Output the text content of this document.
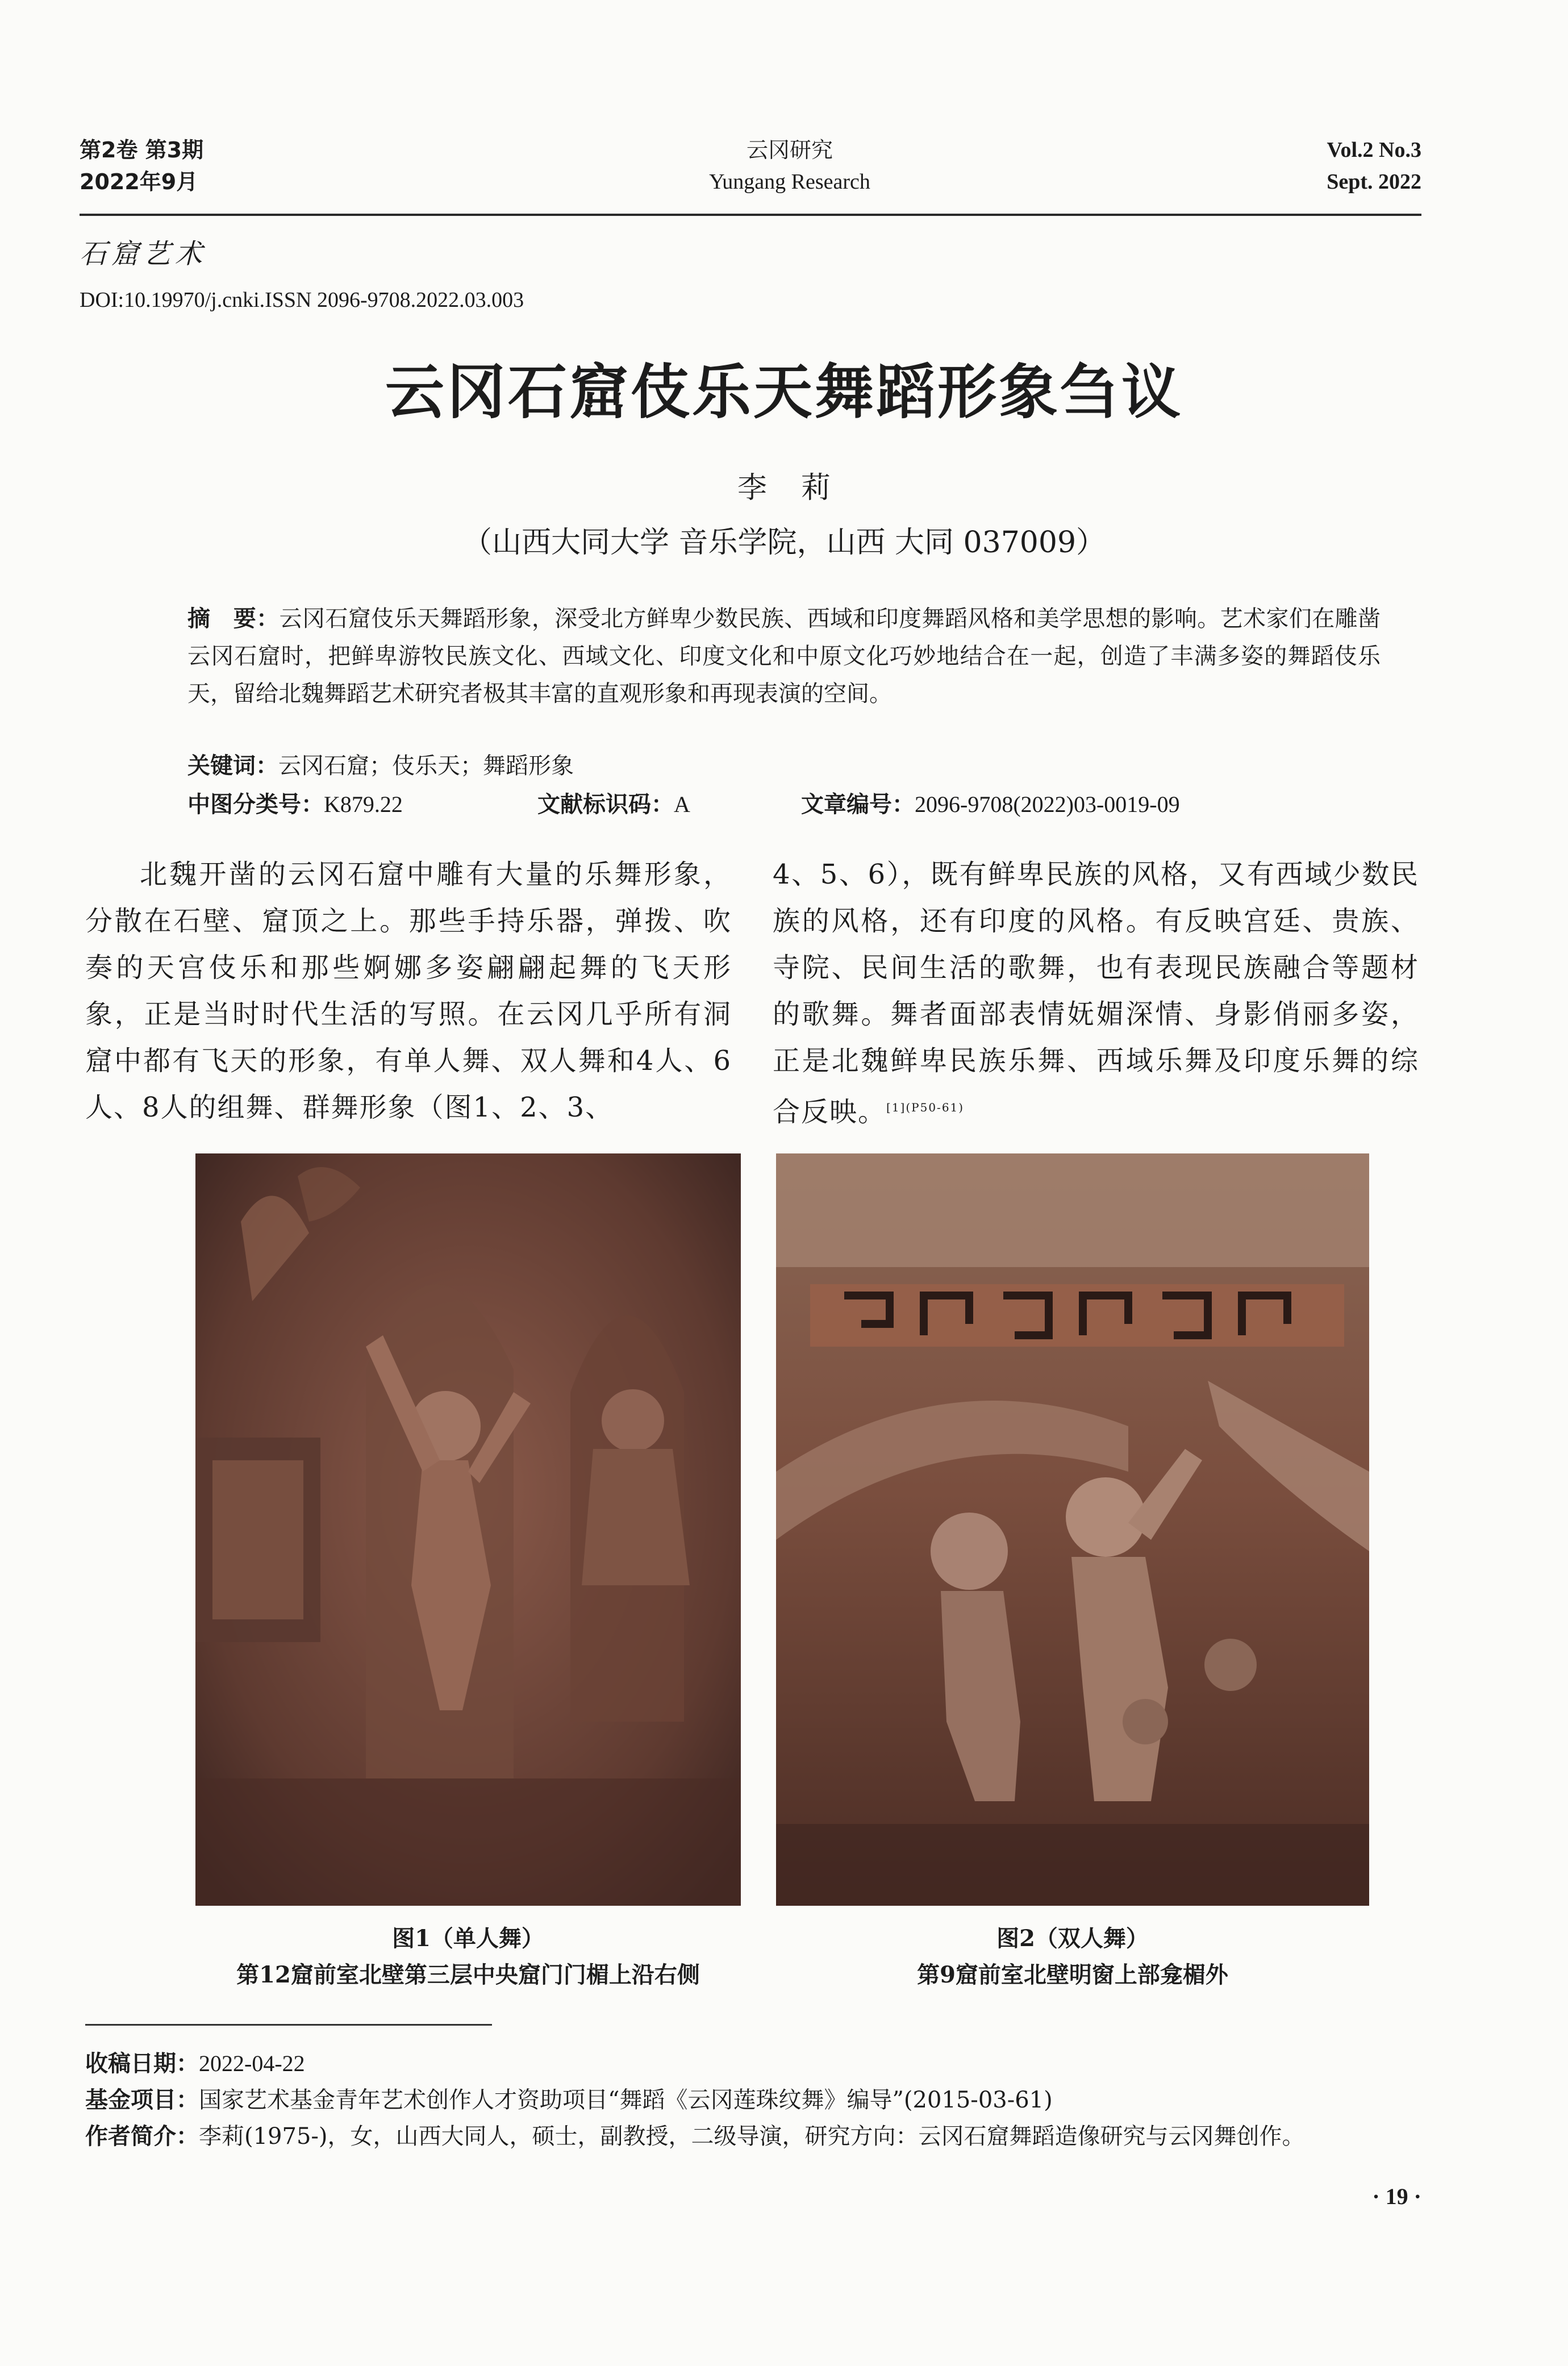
第2卷 第3期
2022年9月
云冈研究
Yungang Research
Vol.2 No.3
Sept. 2022
石窟艺术
DOI:10.19970/j.cnki.ISSN 2096-9708.2022.03.003
云冈石窟伎乐天舞蹈形象刍议
李莉
（山西大同大学 音乐学院，山西 大同 037009）
摘　要：云冈石窟伎乐天舞蹈形象，深受北方鲜卑少数民族、西域和印度舞蹈风格和美学思想的影响。艺术家们在雕凿云冈石窟时，把鲜卑游牧民族文化、西域文化、印度文化和中原文化巧妙地结合在一起，创造了丰满多姿的舞蹈伎乐天，留给北魏舞蹈艺术研究者极其丰富的直观形象和再现表演的空间。
关键词：云冈石窟；伎乐天；舞蹈形象
中图分类号：K879.22	文献标识码：A	文章编号：2096-9708(2022)03-0019-09

北魏开凿的云冈石窟中雕有大量的乐舞形象，分散在石壁、窟顶之上。那些手持乐器，弹拨、吹奏的天宫伎乐和那些婀娜多姿翩翩起舞的飞天形象，正是当时时代生活的写照。在云冈几乎所有洞窟中都有飞天的形象，有单人舞、双人舞和4人、6人、8人的组舞、群舞形象（图1、2、3、

4、5、6），既有鲜卑民族的风格，又有西域少数民族的风格，还有印度的风格。有反映宫廷、贵族、寺院、民间生活的歌舞，也有表现民族融合等题材的歌舞。舞者面部表情妩媚深情、身影俏丽多姿，正是北魏鲜卑民族乐舞、西域乐舞及印度乐舞的综合反映。$^{[1](P50-61)}$

图1（单人舞）
第12窟前室北壁第三层中央窟门门楣上沿右侧
图2（双人舞）
第9窟前室北壁明窗上部龛楣外
收稿日期：2022-04-22
基金项目：国家艺术基金青年艺术创作人才资助项目“舞蹈《云冈莲珠纹舞》编导”(2015-03-61)
作者简介：李莉(1975-)，女，山西大同人，硕士，副教授，二级导演，研究方向：云冈石窟舞蹈造像研究与云冈舞创作。
· 19 ·
